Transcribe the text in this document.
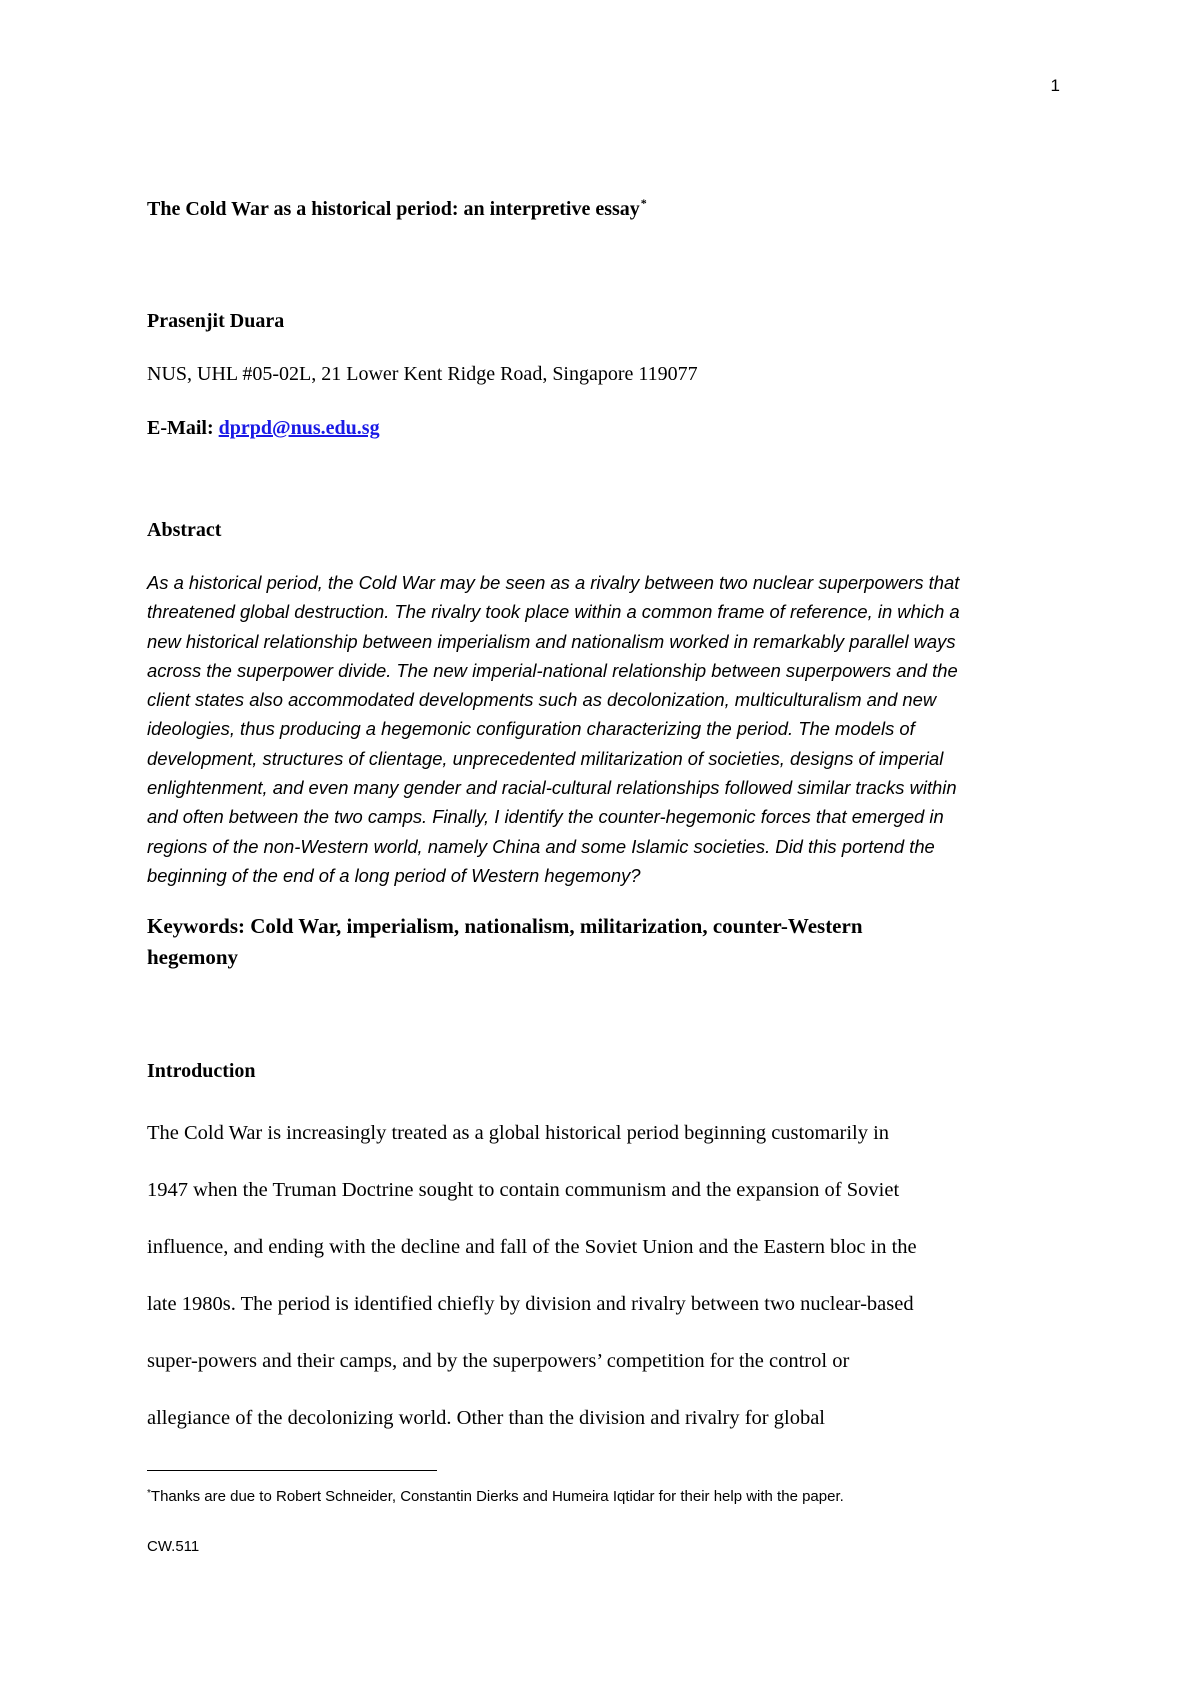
1
The Cold War as a historical period: an interpretive essay*

Prasenjit Duara

NUS, UHL #05-02L, 21 Lower Kent Ridge Road, Singapore 119077

E-Mail: dprpd@nus.edu.sg

Abstract

As a historical period, the Cold War may be seen as a rivalry between two nuclear superpowers that
threatened global destruction. The rivalry took place within a common frame of reference, in which a
new historical relationship between imperialism and nationalism worked in remarkably parallel ways
across the superpower divide. The new imperial-national relationship between superpowers and the
client states also accommodated developments such as decolonization, multiculturalism and new
ideologies, thus producing a hegemonic configuration characterizing the period. The models of
development, structures of clientage, unprecedented militarization of societies, designs of imperial
enlightenment, and even many gender and racial-cultural relationships followed similar tracks within
and often between the two camps. Finally, I identify the counter-hegemonic forces that emerged in
regions of the non-Western world, namely China and some Islamic societies. Did this portend the
beginning of the end of a long period of Western hegemony?

Keywords: Cold War, imperialism, nationalism, militarization, counter-Western
hegemony

Introduction

The Cold War is increasingly treated as a global historical period beginning customarily in
1947 when the Truman Doctrine sought to contain communism and the expansion of Soviet
influence, and ending with the decline and fall of the Soviet Union and the Eastern bloc in the
late 1980s. The period is identified chiefly by division and rivalry between two nuclear-based
super-powers and their camps, and by the superpowers’ competition for the control or
allegiance of the decolonizing world. Other than the division and rivalry for global

*Thanks are due to Robert Schneider, Constantin Dierks and Humeira Iqtidar for their help with the paper.

CW.511
